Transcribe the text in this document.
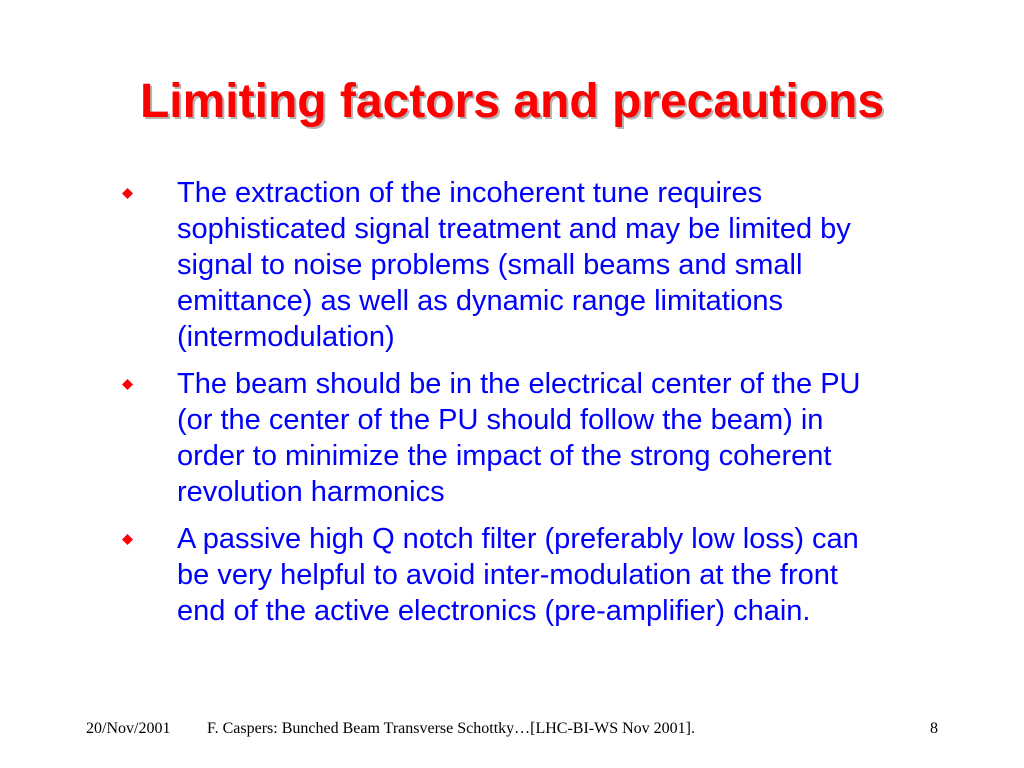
Limiting factors and precautions
The extraction of the incoherent tune requires sophisticated signal treatment and may be limited by signal to noise problems (small beams and small emittance) as well as dynamic range limitations (intermodulation)
The beam should be in the electrical center of the PU (or the center of the PU should follow the beam) in order to minimize the impact of the strong coherent revolution harmonics
A passive high Q notch filter (preferably low loss) can be very helpful to avoid inter-modulation at the front end of the active electronics (pre-amplifier) chain.
20/Nov/2001 F. Caspers: Bunched Beam Transverse Schottky…[LHC-BI-WS Nov 2001].	8
